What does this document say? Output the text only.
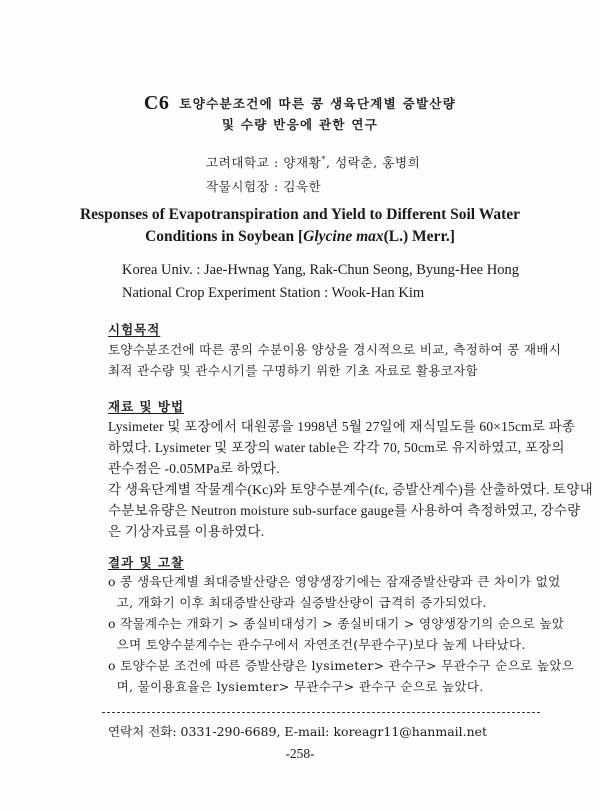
C6 토양수분조건에 따른 콩 생육단계별 증발산량
및 수량 반응에 관한 연구
고려대학교 : 양재황*, 성락춘, 홍병희
작물시험장 : 김욱한
Responses of Evapotranspiration and Yield to Different Soil Water
Conditions in Soybean [Glycine max(L.) Merr.]
Korea Univ. : Jae-Hwnag Yang, Rak-Chun Seong, Byung-Hee Hong
National Crop Experiment Station : Wook-Han Kim
시험목적
토양수분조건에 따른 콩의 수분이용 양상을 경시적으로 비교, 측정하여 콩 재배시
최적 관수량 및 관수시기를 구명하기 위한 기초 자료로 활용코자함
재료 및 방법
Lysimeter 및 포장에서 대원콩을 1998년 5월 27일에 재식밀도를 60×15cm로 파종
하였다. Lysimeter 및 포장의 water table은 각각 70, 50cm로 유지하였고, 포장의
관수점은 -0.05MPa로 하였다.
각 생육단계별 작물계수(Kc)와 토양수분계수(fc, 증발산계수)를 산출하였다. 토양내
수분보유량은 Neutron moisture sub-surface gauge를 사용하여 측정하였고, 강수량
은 기상자료를 이용하였다.
결과 및 고찰
o 콩 생육단계별 최대증발산량은 영양생장기에는 잠재증발산량과 큰 차이가 없었
고, 개화기 이후 최대증발산량과 실증발산량이 급격히 증가되었다.
o 작물계수는 개화기 > 종실비대성기 > 종실비대기 > 영양생장기의 순으로 높았
으며 토양수분계수는 관수구에서 자연조건(무관수구)보다 높게 나타났다.
o 토양수분 조건에 따른 증발산량은 lysimeter> 관수구> 무관수구 순으로 높았으
며, 물이용효율은 lysiemter> 무관수구> 관수구 순으로 높았다.
연락처 전화: 0331-290-6689, E-mail: koreagr11@hanmail.net
-258-
